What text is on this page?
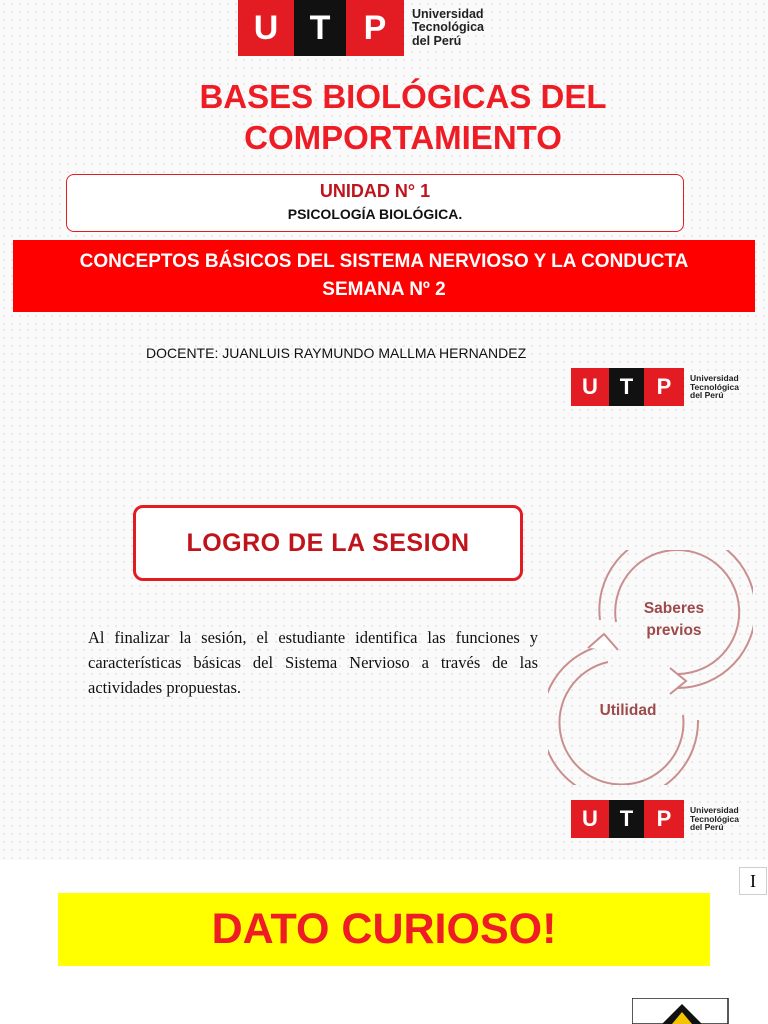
U T P	Universidad
Tecnológica
del Perú
BASES BIOLÓGICAS DEL
COMPORTAMIENTO
UNIDAD N° 1
PSICOLOGÍA BIOLÓGICA.
CONCEPTOS BÁSICOS DEL SISTEMA NERVIOSO Y LA CONDUCTA
SEMANA Nº 2
DOCENTE: JUANLUIS RAYMUNDO MALLMA HERNANDEZ
U T	P	Universidad
Tecnológica
del Perú
LOGRO DE LA SESION
Al finalizar la sesión, el estudiante identifica las funciones y características básicas del Sistema Nervioso a través de las actividades propuestas.
Saberes
previos
Utilidad
U T	P	Universidad
Tecnológica
del Perú
I
DATO CURIOSO!
